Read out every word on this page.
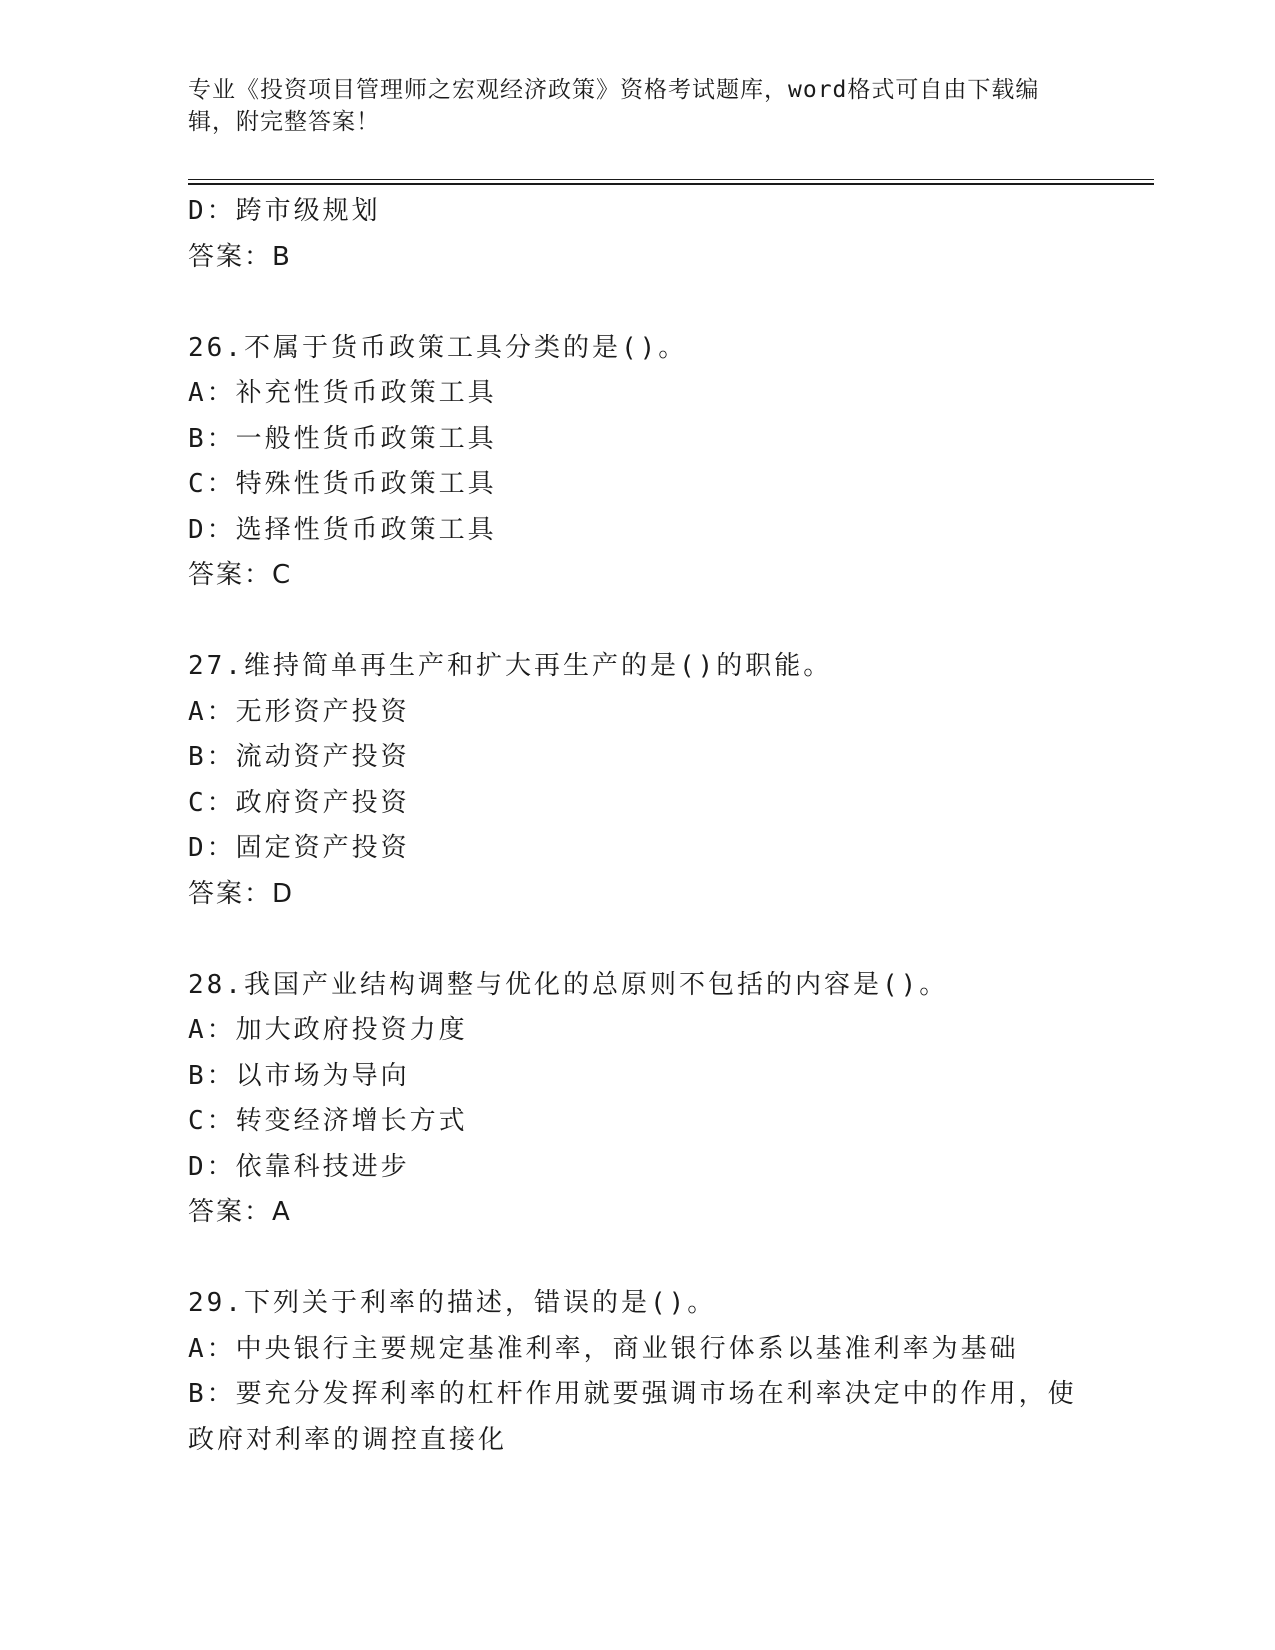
专业《投资项目管理师之宏观经济政策》资格考试题库，word格式可自由下载编辑，附完整答案！
D：跨市级规划
答案：B
26.不属于货币政策工具分类的是()。
A：补充性货币政策工具
B：一般性货币政策工具
C：特殊性货币政策工具
D：选择性货币政策工具
答案：C
27.维持简单再生产和扩大再生产的是()的职能。
A：无形资产投资
B：流动资产投资
C：政府资产投资
D：固定资产投资
答案：D
28.我国产业结构调整与优化的总原则不包括的内容是()。
A：加大政府投资力度
B：以市场为导向
C：转变经济增长方式
D：依靠科技进步
答案：A
29.下列关于利率的描述，错误的是()。
A：中央银行主要规定基准利率，商业银行体系以基准利率为基础
B：要充分发挥利率的杠杆作用就要强调市场在利率决定中的作用，使政府对利率的调控直接化
